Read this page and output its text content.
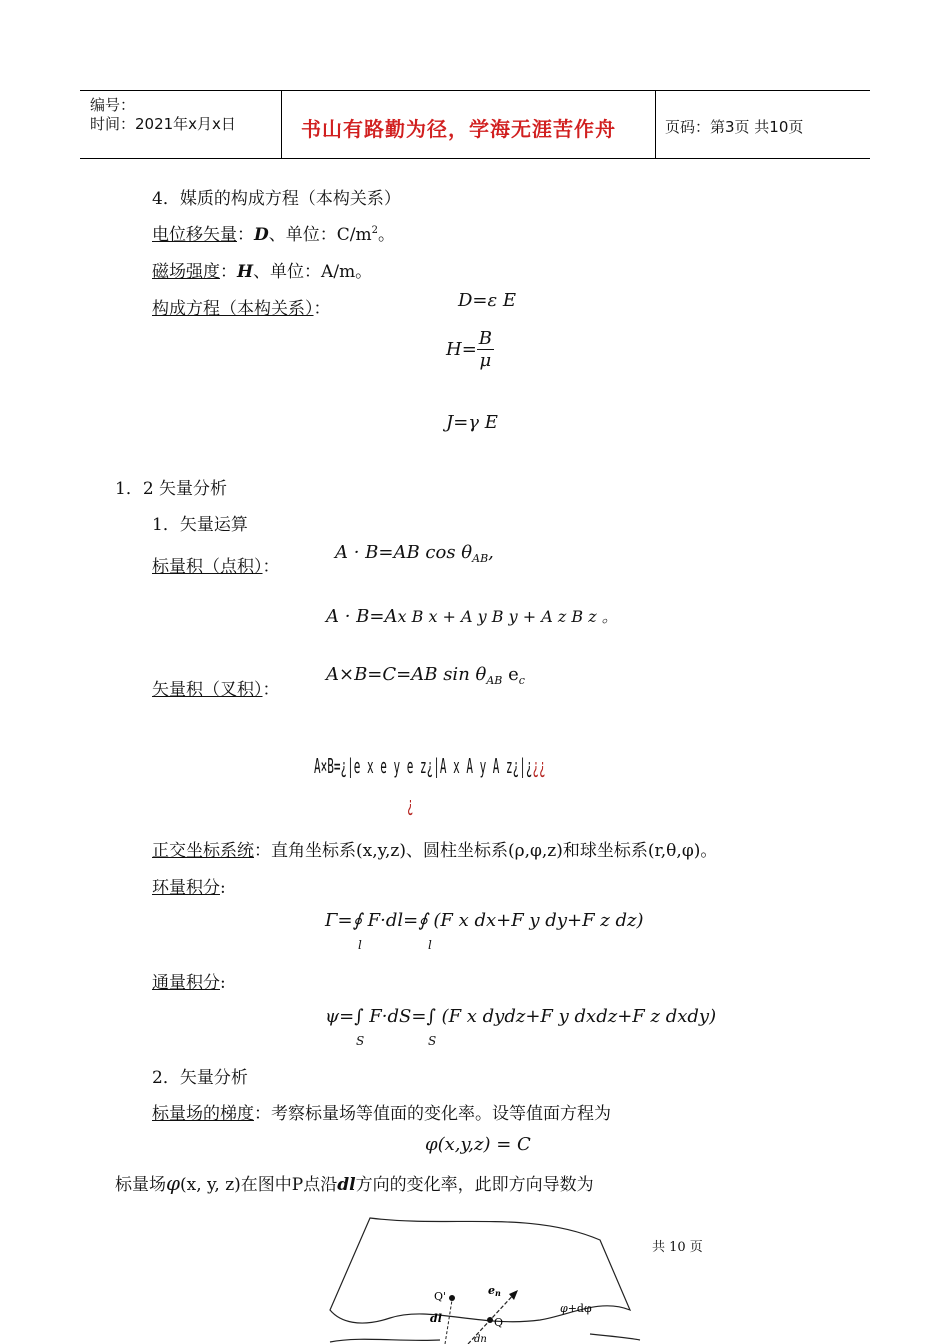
编号：
时间：2021年x月x日	书山有路勤为径，学海无涯苦作舟	页码：第3页 共10页
4．媒质的构成方程（本构关系）
电位移矢量：D、单位：$C/m^2$。
磁场强度：H、单位：A/m。
构成方程（本构关系）：	D=ε E
$H= \frac{B}{\mu}$
J=γ E
1．2 矢量分析
1．矢量运算
标量积（点积）：
A · B=AB $\cos \theta_{AB}$,
A · B=Ax B x + A y B y + A z B z 。
矢量积（叉积）：
A×B=C=AB $\sin \theta_{AB}$ $e_c$
A×B=¿|e x e y e z¿|A x A y A z¿|¿¿¿
¿
正交坐标系统：直角坐标系(x,y,z)、圆柱坐标系(ρ,φ,z)和球坐标系(r,θ,φ)。
环量积分:
Γ=∮ F·dl=∮ (F x dx+F y dy+F z dz)
l	l
通量积分:
ψ=∫ F·dS=∫ (F x dydz+F y dxdz+F z dxdy)
S	S
2．矢量分析
标量场的梯度：考察标量场等值面的变化率。设等值面方程为
φ(x,y,z) = C
标量场φ(x, y, z)在图中P点沿dl方向的变化率，此即方向导数为
Q'	en
Q
φ+dφ
dl
dn
共 10 页
